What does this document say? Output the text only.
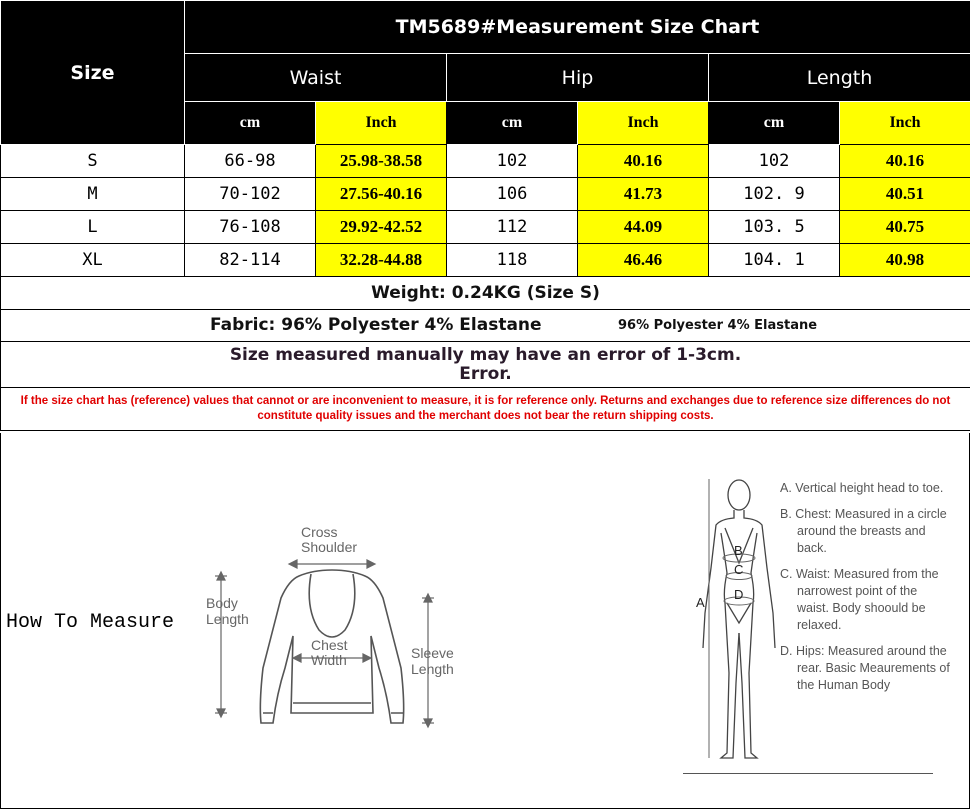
Size	TM5689#Measurement Size Chart					
	Waist		Hip		Length	
	cm	Inch	cm	Inch	cm	Inch
S	66-98	25.98-38.58	102	40.16	102	40.16
M	70-102	27.56-40.16	106	41.73	102. 9	40.51
L	76-108	29.92-42.52	112	44.09	103. 5	40.75
XL	82-114	32.28-44.88	118	46.46	104. 1	40.98
Weight: 0.24KG (Size S)						

Fabric: 96% Polyester 4% Elastane 96% Polyester 4% Elastane						

Size measured manually may have an error of 1-3cm.
Error.						

If the size chart has (reference) values that cannot or are inconvenient to measure, it is for reference only. Returns and exchanges due to reference size differences do not constitute quality issues and the merchant does not bear the return shipping costs.						
How To Measure
Cross
Shoulder
Body
Length
Chest
Width	Sleeve
Length
A
B
C
D

A. Vertical height head to toe.

B. Chest: Measured in a circle around the breasts and back.

C. Waist: Measured from the narrowest point of the waist. Body shoould be relaxed.

D. Hips: Measured around the rear. Basic Meaurements of the Human Body
